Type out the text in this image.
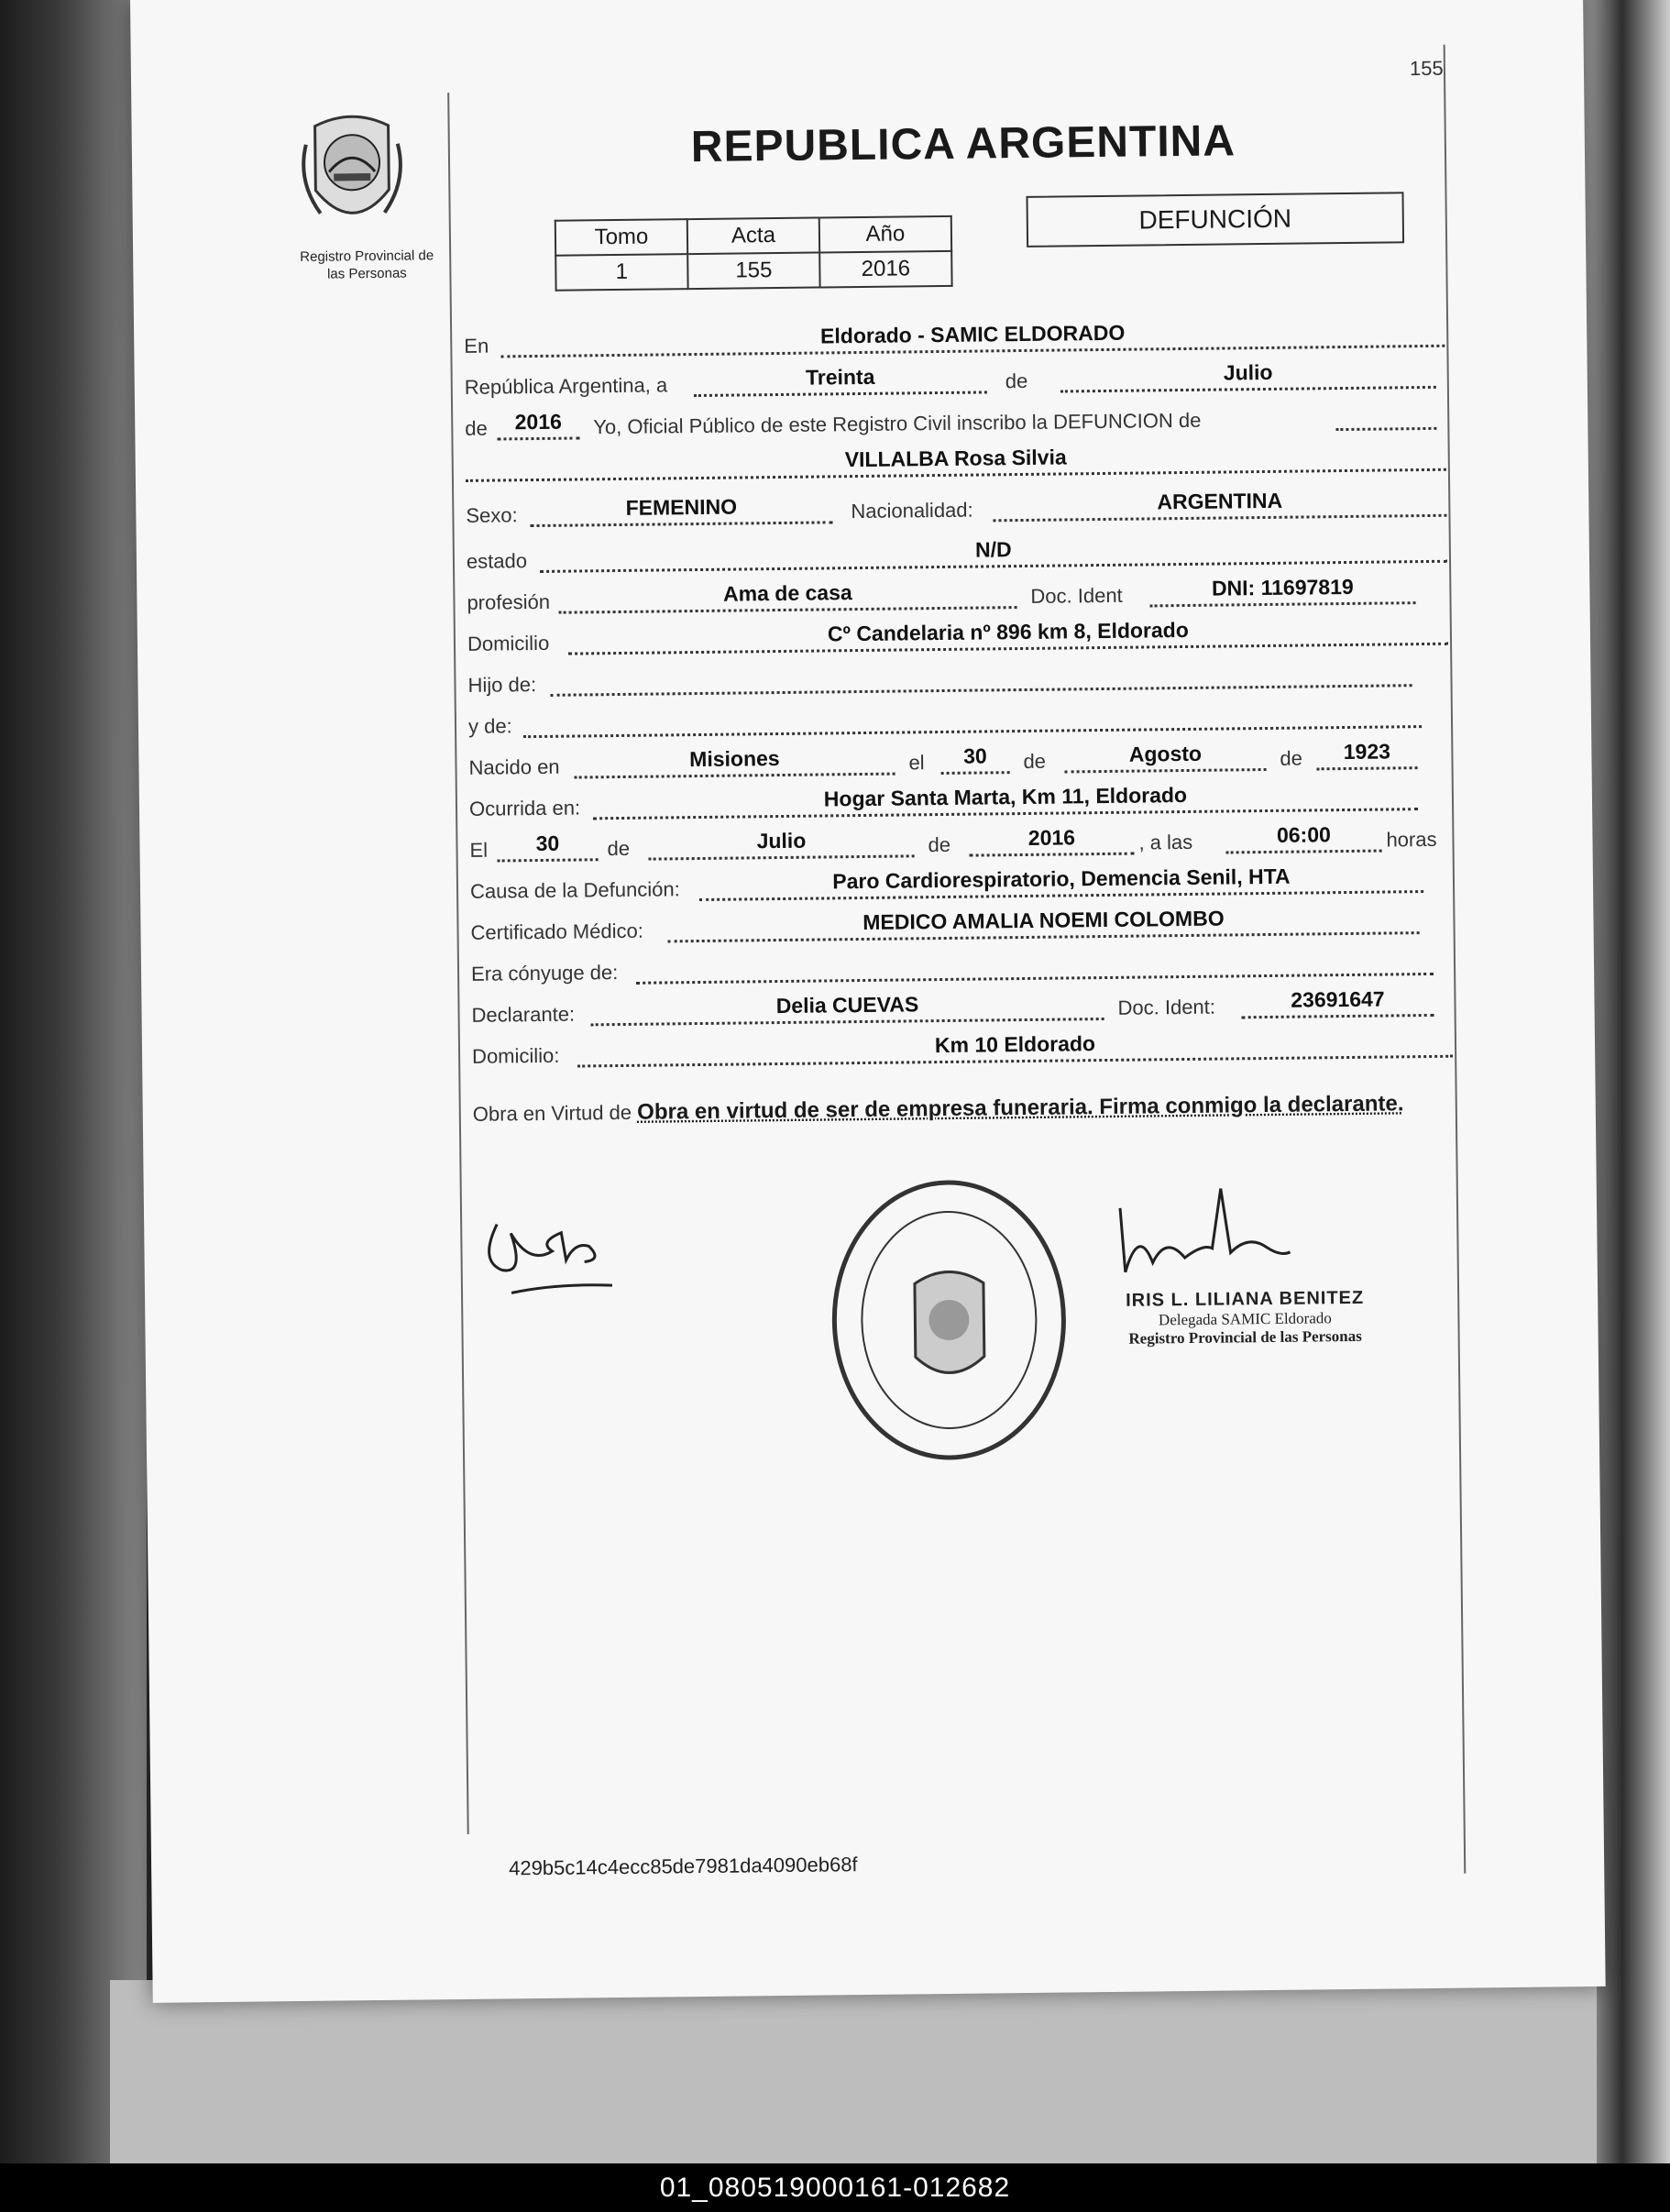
155
Registro Provincial de
las Personas
REPUBLICA ARGENTINA
Tomo	Acta	Año
1	155	2016
DEFUNCIÓN
En	Eldorado - SAMIC ELDORADO
República Argentina, a	Treinta	de	Julio
de	2016	Yo, Oficial Público de este Registro Civil inscribo la DEFUNCION de
VILLALBA Rosa Silvia
Sexo:	FEMENINO	Nacionalidad:	ARGENTINA
estado	N/D
profesión	Ama de casa	Doc. Ident	DNI: 11697819
Domicilio	Cº Candelaria nº 896 km 8, Eldorado
Hijo de:
y de:
Nacido en	Misiones	el	30	de	Agosto	de	1923
Ocurrida en:	Hogar Santa Marta, Km 11, Eldorado
El	30	de	Julio	de	2016	, a las	06:00	horas
Causa de la Defunción:	Paro Cardiorespiratorio, Demencia Senil, HTA
Certificado Médico:	MEDICO AMALIA NOEMI COLOMBO
Era cónyuge de:
Declarante:	Delia CUEVAS	Doc. Ident:	23691647
Domicilio:	Km 10 Eldorado
Obra en Virtud de Obra en virtud de ser de empresa funeraria. Firma conmigo la declarante.
IRIS L. LILIANA BENITEZ
Delegada SAMIC Eldorado
Registro Provincial de las Personas
429b5c14c4ecc85de7981da4090eb68f
01_080519000161-012682
